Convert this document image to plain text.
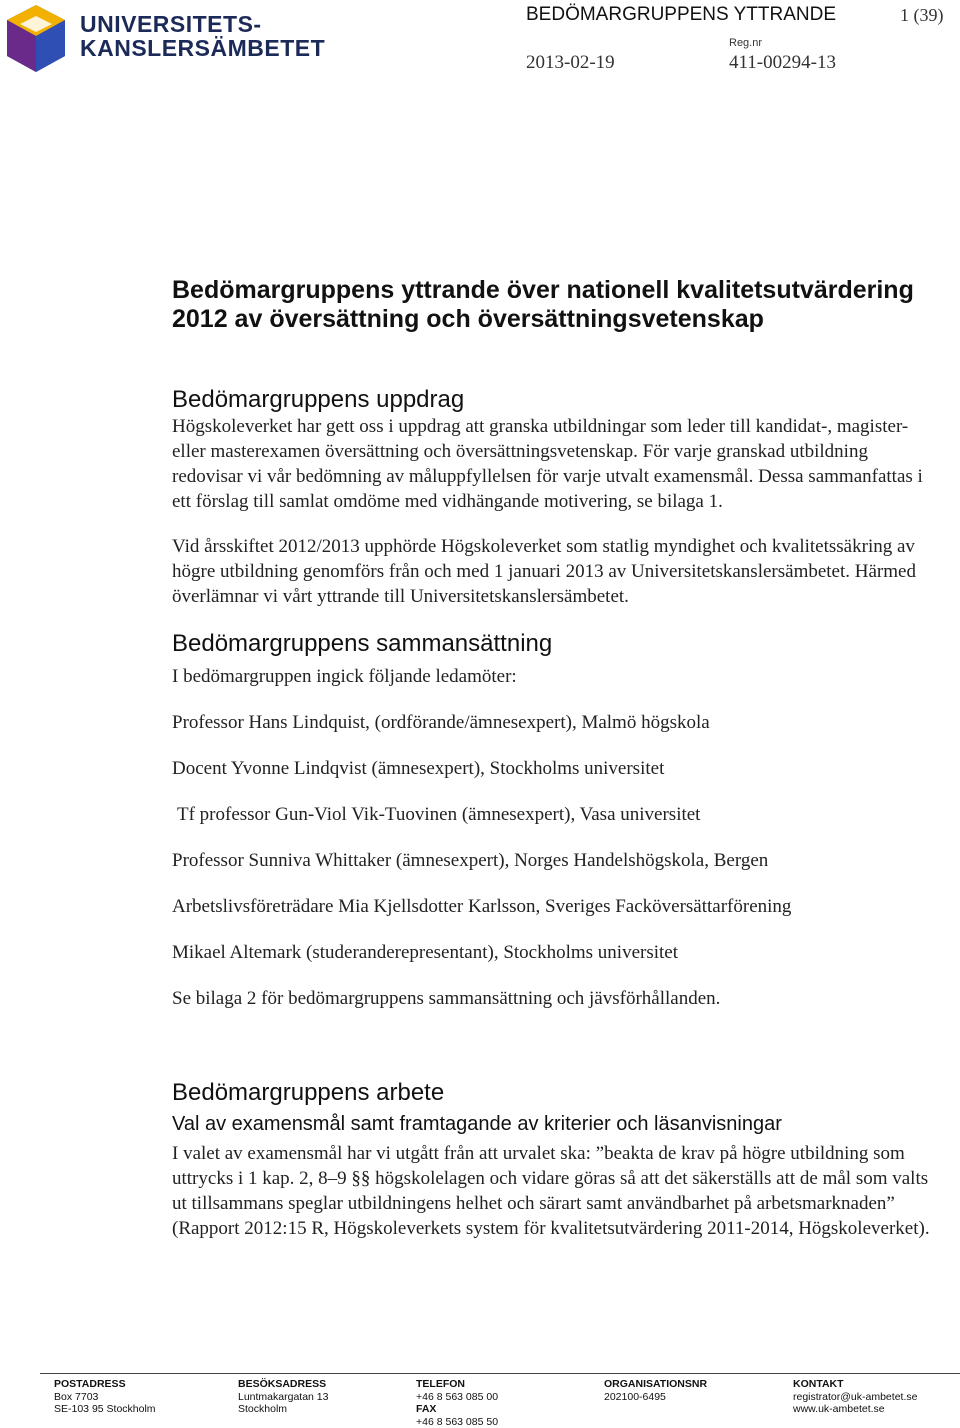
UNIVERSITETS-
KANSLERSÄMBETET
BEDÖMARGRUPPENS YTTRANDE	1 (39)
Reg.nr
2013-02-19	411-00294-13
Bedömargruppens yttrande över nationell kvalitetsutvärdering 2012 av översättning och översättningsvetenskap
Bedömargruppens uppdrag

Högskoleverket har gett oss i uppdrag att granska utbildningar som leder till kandidat-, magister- eller masterexamen översättning och översättningsvetenskap. För varje granskad utbildning redovisar vi vår bedömning av måluppfyllelsen för varje utvalt examensmål. Dessa sammanfattas i ett förslag till samlat omdöme med vidhängande motivering, se bilaga 1.

Vid årsskiftet 2012/2013 upphörde Högskoleverket som statlig myndighet och kvalitetssäkring av högre utbildning genomförs från och med 1 januari 2013 av Universitetskanslersämbetet. Härmed överlämnar vi vårt yttrande till Universitetskanslersämbetet.

Bedömargruppens sammansättning

I bedömargruppen ingick följande ledamöter:

Professor Hans Lindquist, (ordförande/ämnesexpert), Malmö högskola
Docent Yvonne Lindqvist (ämnesexpert), Stockholms universitet
Tf professor Gun-Viol Vik-Tuovinen (ämnesexpert), Vasa universitet
Professor Sunniva Whittaker (ämnesexpert), Norges Handelshögskola, Bergen
Arbetslivsföreträdare Mia Kjellsdotter Karlsson, Sveriges Facköversättarförening
Mikael Altemark (studeranderepresentant), Stockholms universitet

Se bilaga 2 för bedömargruppens sammansättning och jävsförhållanden.

Bedömargruppens arbete
Val av examensmål samt framtagande av kriterier och läsanvisningar

I valet av examensmål har vi utgått från att urvalet ska: ”beakta de krav på högre utbildning som uttrycks i 1 kap. 2, 8–9 §§ högskolelagen och vidare göras så att det säkerställs att de mål som valts ut tillsammans speglar utbildningens helhet och särart samt användbarhet på arbetsmarknaden” (Rapport 2012:15 R, Högskoleverkets system för kvalitetsutvärdering 2011-2014, Högskoleverket).

POSTADRESS
Box 7703
SE-103 95 Stockholm
BESÖKSADRESS
Luntmakargatan 13
Stockholm
TELEFON
+46 8 563 085 00
FAX
+46 8 563 085 50
ORGANISATIONSNR
202100-6495
KONTAKT
registrator@uk-ambetet.se
www.uk-ambetet.se
